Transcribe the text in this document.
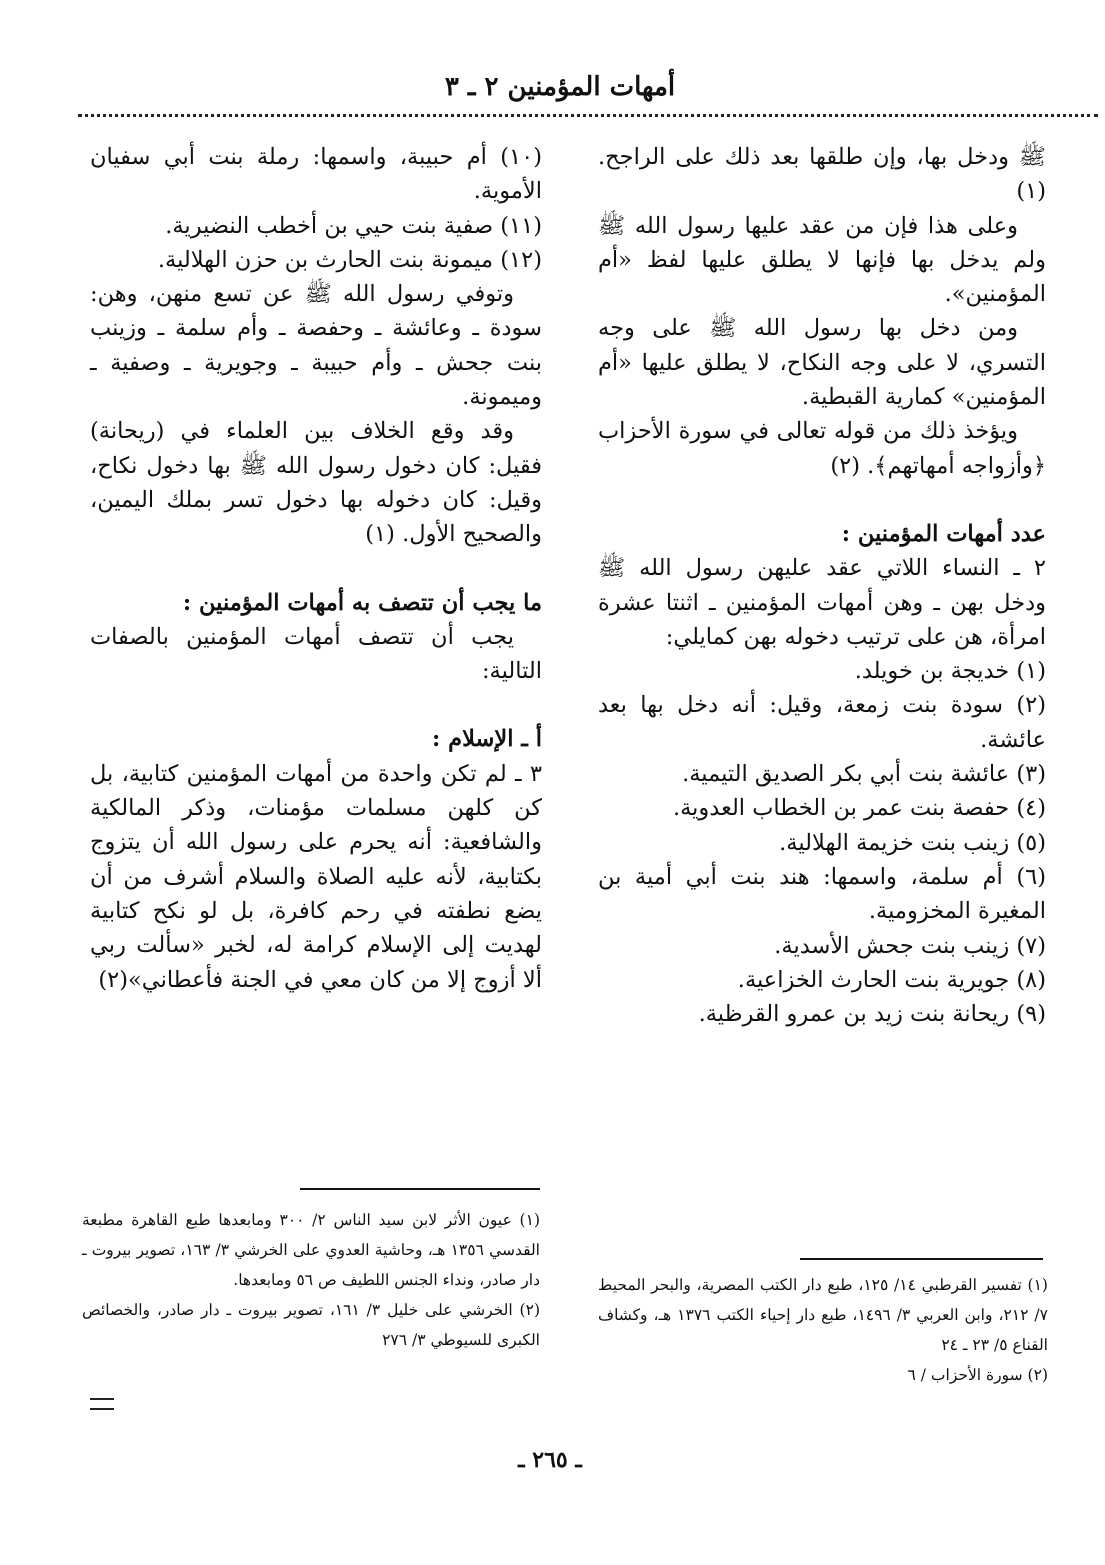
أمهات المؤمنين ٢ ـ ٣

ﷺ ودخل بها، وإن طلقها بعد ذلك على الراجح. (١)

وعلى هذا فإن من عقد عليها رسول الله ﷺ ولم يدخل بها فإنها لا يطلق عليها لفظ «أم المؤمنين».

ومن دخل بها رسول الله ﷺ على وجه التسري، لا على وجه النكاح، لا يطلق عليها «أم المؤمنين» كمارية القبطية.

ويؤخذ ذلك من قوله تعالى في سورة الأحزاب ﴿وأزواجه أمهاتهم﴾. (٢)

عدد أمهات المؤمنين :

٢ ـ النساء اللاتي عقد عليهن رسول الله ﷺ ودخل بهن ـ وهن أمهات المؤمنين ـ اثنتا عشرة امرأة، هن على ترتيب دخوله بهن كمايلي:

(١) خديجة بن خويلد.

(٢) سودة بنت زمعة، وقيل: أنه دخل بها بعد عائشة.

(٣) عائشة بنت أبي بكر الصديق التيمية.

(٤) حفصة بنت عمر بن الخطاب العدوية.

(٥) زينب بنت خزيمة الهلالية.

(٦) أم سلمة، واسمها: هند بنت أبي أمية بن المغيرة المخزومية.

(٧) زينب بنت جحش الأسدية.

(٨) جويرية بنت الحارث الخزاعية.

(٩) ريحانة بنت زيد بن عمرو القرظية.

(١٠) أم حبيبة، واسمها: رملة بنت أبي سفيان الأموية.

(١١) صفية بنت حيي بن أخطب النضيرية.

(١٢) ميمونة بنت الحارث بن حزن الهلالية.

وتوفي رسول الله ﷺ عن تسع منهن، وهن: سودة ـ وعائشة ـ وحفصة ـ وأم سلمة ـ وزينب بنت جحش ـ وأم حبيبة ـ وجويرية ـ وصفية ـ وميمونة.

وقد وقع الخلاف بين العلماء في (ريحانة) فقيل: كان دخول رسول الله ﷺ بها دخول نكاح، وقيل: كان دخوله بها دخول تسر بملك اليمين، والصحيح الأول. (١)

ما يجب أن تتصف به أمهات المؤمنين :

يجب أن تتصف أمهات المؤمنين بالصفات التالية:

أ ـ الإسلام :

٣ ـ لم تكن واحدة من أمهات المؤمنين كتابية، بل كن كلهن مسلمات مؤمنات، وذكر المالكية والشافعية: أنه يحرم على رسول الله أن يتزوج بكتابية، لأنه عليه الصلاة والسلام أشرف من أن يضع نطفته في رحم كافرة، بل لو نكح كتابية لهديت إلى الإسلام كرامة له، لخبر «سألت ربي ألا أزوج إلا من كان معي في الجنة فأعطاني»(٢)

(١) تفسير القرطبي ١٤/ ١٢٥، طبع دار الكتب المصرية، والبحر المحيط ٧/ ٢١٢، وابن العربي ٣/ ١٤٩٦، طبع دار إحياء الكتب ١٣٧٦ هـ، وكشاف القناع ٥/ ٢٣ ـ ٢٤

(٢) سورة الأحزاب / ٦

(١) عيون الأثر لابن سيد الناس ٢/ ٣٠٠ ومابعدها طبع القاهرة مطبعة القدسي ١٣٥٦ هـ، وحاشية العدوي على الخرشي ٣/ ١٦٣، تصوير بيروت ـ دار صادر، ونداء الجنس اللطيف ص ٥٦ ومابعدها.

(٢) الخرشي على خليل ٣/ ١٦١، تصوير بيروت ـ دار صادر، والخصائص الكبرى للسيوطي ٣/ ٢٧٦

ـ ٢٦٥ ـ
